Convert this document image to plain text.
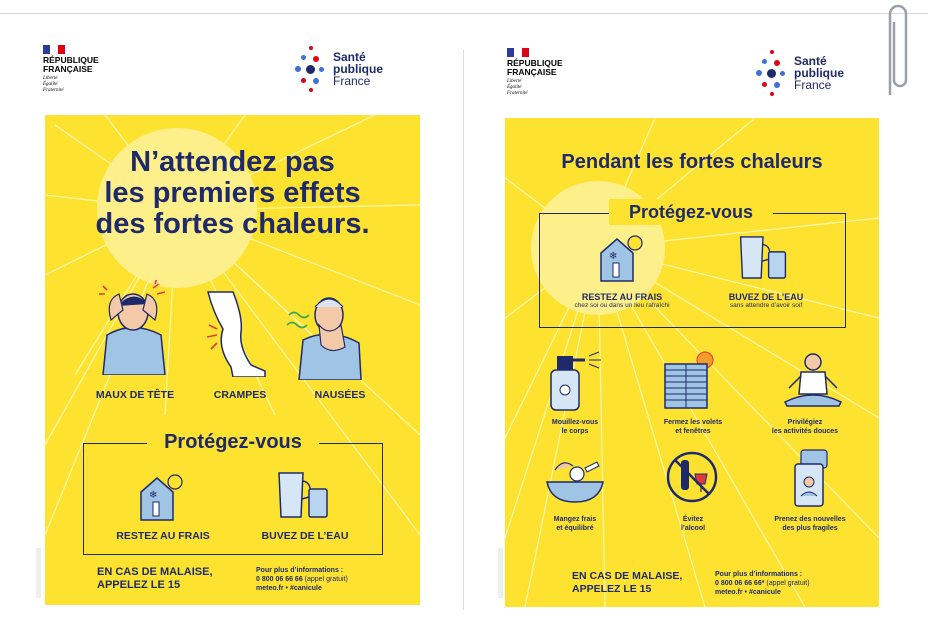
RÉPUBLIQUE
FRANÇAISE
Liberté
Égalité
Fraternité
Santé
publique
France
N’attendez pas
les premiers effets
des fortes chaleurs.
MAUX DE TÊTE	CRAMPES	NAUSÉES
Protégez-vous
❄
RESTEZ AU FRAIS	BUVEZ DE L’EAU
EN CAS DE MALAISE,
APPELEZ LE 15
Pour plus d’informations :
0 800 06 66 66 (appel gratuit)
meteo.fr • #canicule
RÉPUBLIQUE
FRANÇAISE
Liberté
Égalité
Fraternité
Santé
publique
France
Pendant les fortes chaleurs
Protégez-vous
❄
RESTEZ AU FRAIS
chez soi ou dans un lieu rafraîchi
BUVEZ DE L’EAU
sans attendre d’avoir soif
Mouillez-vous
le corps
Fermez les volets
et fenêtres
Privilégiez
les activités douces
Mangez frais
et équilibré
Évitez
l’alcool
Prenez des nouvelles
des plus fragiles
EN CAS DE MALAISE,
APPELEZ LE 15
Pour plus d’informations :
0 800 06 66 66* (appel gratuit)
meteo.fr • #canicule
